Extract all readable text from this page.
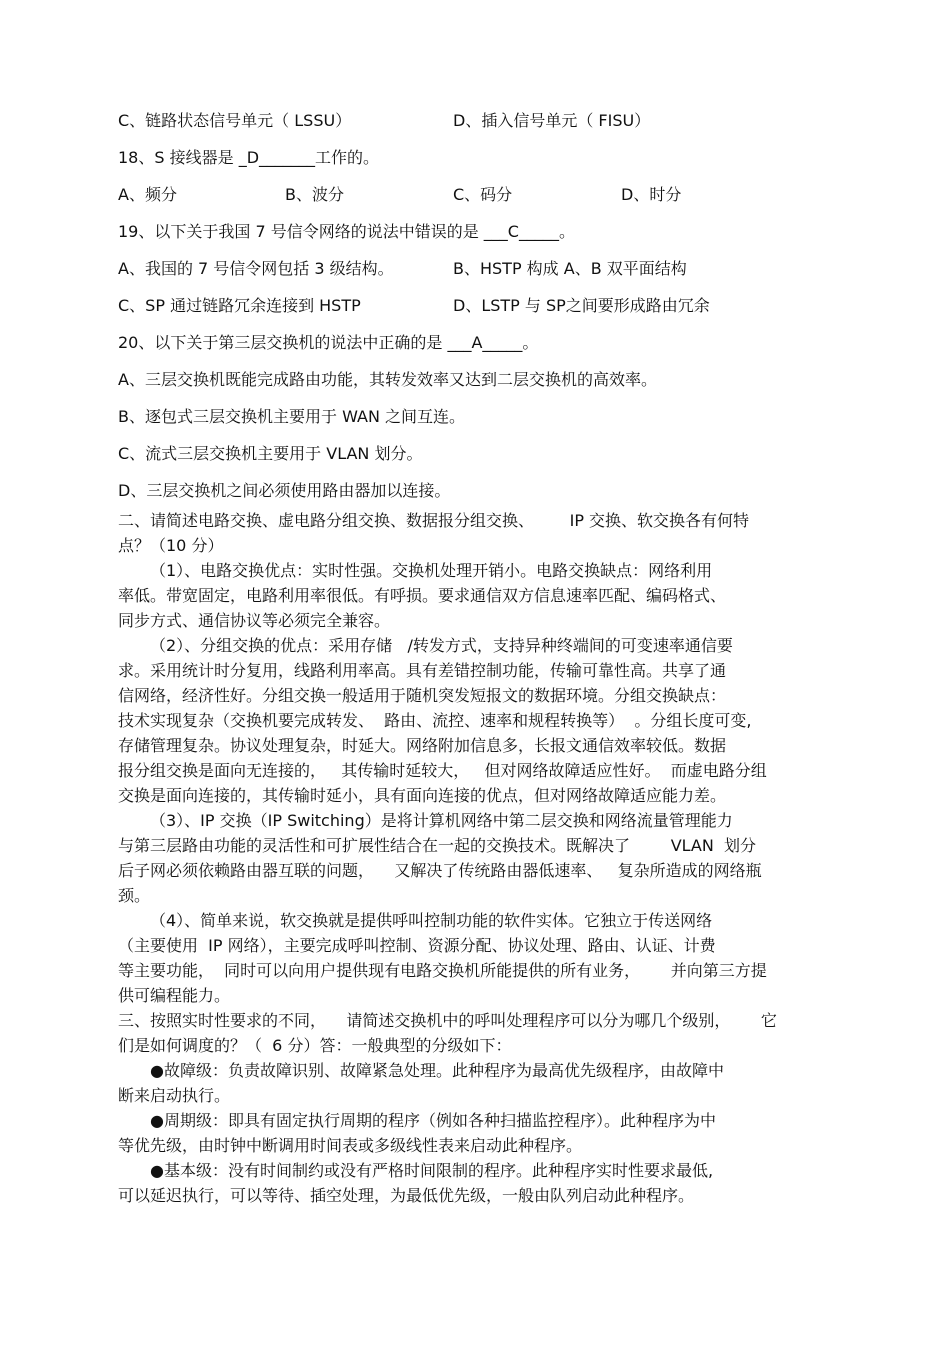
C、链路状态信号单元（ LSSU）	D、插入信号单元（ FISU）
18、S 接线器是 _D_______工作的。
A、频分	B、波分	C、码分	D、时分
19、以下关于我国 7 号信令网络的说法中错误的是 ___C_____。
A、我国的 7 号信令网包括 3 级结构。	B、HSTP 构成 A、B 双平面结构
C、SP 通过链路冗余连接到 HSTP	D、LSTP 与 SP之间要形成路由冗余
20、以下关于第三层交换机的说法中正确的是 ___A_____。
A、三层交换机既能完成路由功能，其转发效率又达到二层交换机的高效率。
B、逐包式三层交换机主要用于 WAN 之间互连。
C、流式三层交换机主要用于 VLAN 划分。
D、三层交换机之间必须使用路由器加以连接。

二、请简述电路交换、虚电路分组交换、数据报分组交换、       IP 交换、软交换各有何特

点？（10 分）

（1）、电路交换优点：实时性强。交换机处理开销小。电路交换缺点：网络利用

率低。带宽固定，电路利用率很低。有呼损。要求通信双方信息速率匹配、编码格式、

同步方式、通信协议等必须完全兼容。

（2）、分组交换的优点：采用存储   /转发方式，支持异种终端间的可变速率通信要

求。采用统计时分复用，线路利用率高。具有差错控制功能，传输可靠性高。共享了通

信网络，经济性好。分组交换一般适用于随机突发短报文的数据环境。分组交换缺点：

技术实现复杂（交换机要完成转发、  路由、流控、速率和规程转换等）  。分组长度可变,

存储管理复杂。协议处理复杂，时延大。网络附加信息多，长报文通信效率较低。数据

报分组交换是面向无连接的，   其传输时延较大，   但对网络故障适应性好。  而虚电路分组

交换是面向连接的，其传输时延小，具有面向连接的优点，但对网络故障适应能力差。

（3）、IP 交换（IP Switching）是将计算机网络中第二层交换和网络流量管理能力

与第三层路由功能的灵活性和可扩展性结合在一起的交换技术。既解决了        VLAN  划分

后子网必须依赖路由器互联的问题，    又解决了传统路由器低速率、   复杂所造成的网络瓶

颈。

（4）、简单来说，软交换就是提供呼叫控制功能的软件实体。它独立于传送网络

（主要使用  IP 网络），主要完成呼叫控制、资源分配、协议处理、路由、认证、计费

等主要功能，  同时可以向用户提供现有电路交换机所能提供的所有业务，      并向第三方提

供可编程能力。

三、按照实时性要求的不同，    请简述交换机中的呼叫处理程序可以分为哪几个级别，      它

们是如何调度的？（  6 分）答：一般典型的分级如下：

●故障级：负责故障识别、故障紧急处理。此种程序为最高优先级程序，由故障中

断来启动执行。

●周期级：即具有固定执行周期的程序（例如各种扫描监控程序）。此种程序为中

等优先级，由时钟中断调用时间表或多级线性表来启动此种程序。

●基本级：没有时间制约或没有严格时间限制的程序。此种程序实时性要求最低,

可以延迟执行，可以等待、插空处理，为最低优先级，一般由队列启动此种程序。
